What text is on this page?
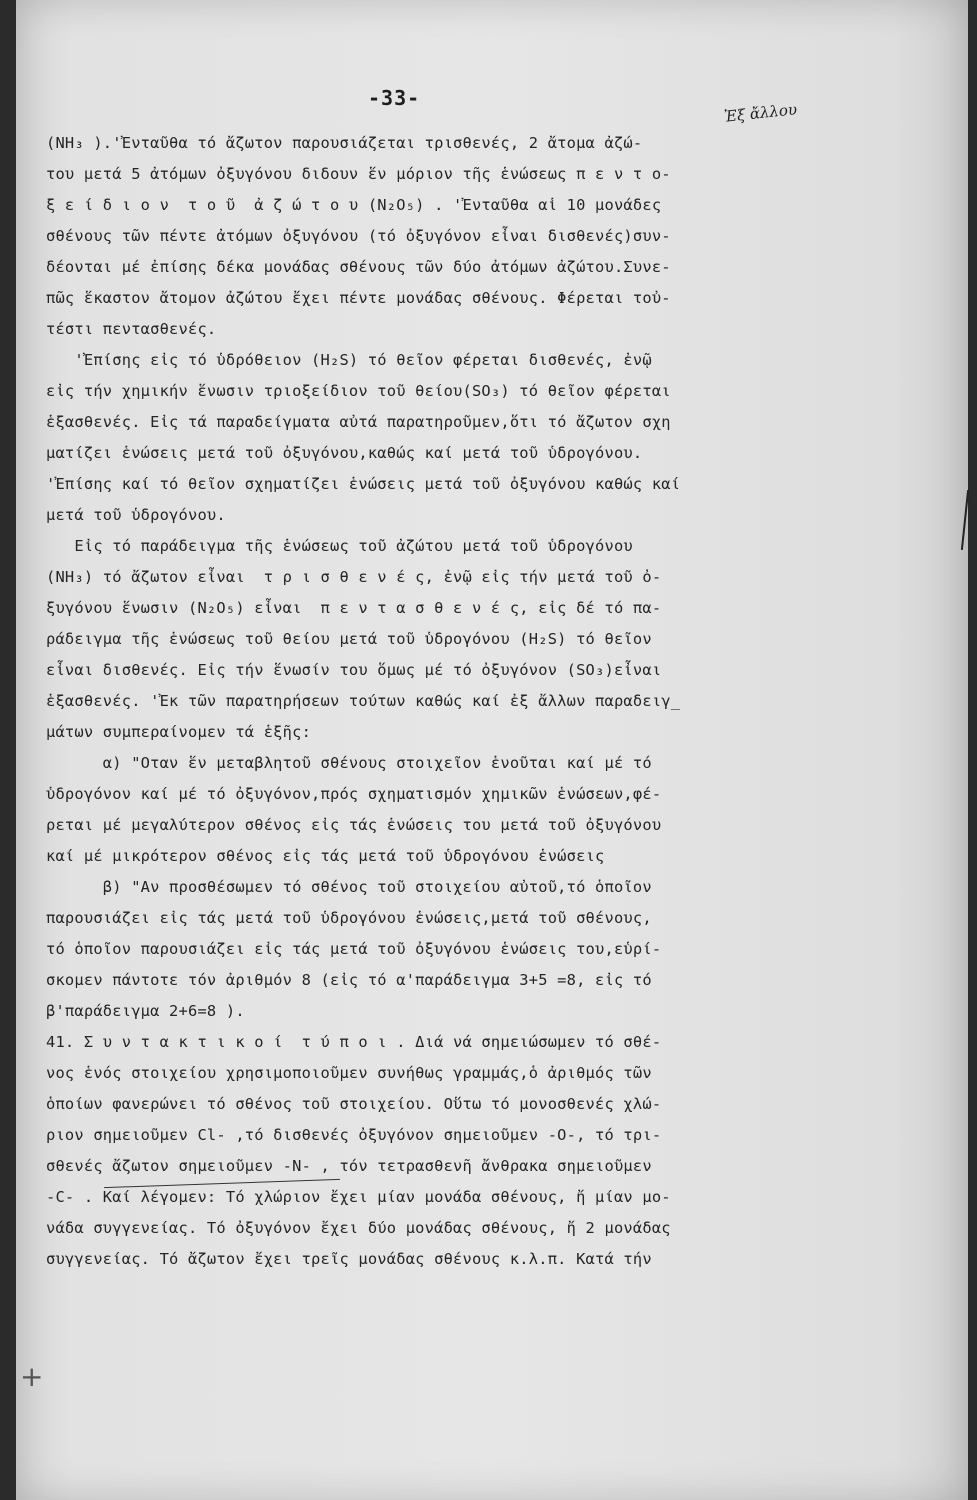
-33-
Ἐξ ἄλλου
(NH₃ ).'Ἐνταῦθα τό ἄζωτον παρουσιάζεται τρισθενές, 2 ἄτομα ἀζώ-
του μετά 5 ἀτόμων ὀξυγόνου διδουν ἕν μόριον τῆς ἑνώσεως π ε ν τ ο-
ξ ε ί δ ι ο ν  τ ο ῦ  ἀ ζ ώ τ ο υ (N₂O₅) . 'Ἐνταῦθα αἱ 10 μονάδες
σθένους τῶν πέντε ἀτόμων ὀξυγόνου (τό ὀξυγόνον εἶναι δισθενές)συν-
δέονται μέ ἐπίσης δέκα μονάδας σθένους τῶν δύο ἀτόμων ἀζώτου.Συνε-
πῶς ἕκαστον ἄτομον ἀζώτου ἔχει πέντε μονάδας σθένους. Φέρεται τοὐ-
τέστι πεντασθενές.
'Ἐπίσης εἰς τό ὑδρόθειον (H₂S) τό θεῖον φέρεται δισθενές, ἐνῷ
εἰς τήν χημικήν ἕνωσιν τριοξείδιον τοῦ θείου(SO₃) τό θεῖον φέρεται
ἑξασθενές. Εἰς τά παραδείγματα αὐτά παρατηροῦμεν,ὅτι τό ἄζωτον σχη
ματίζει ἑνώσεις μετά τοῦ ὀξυγόνου,καθώς καί μετά τοῦ ὑδρογόνου.
'Ἐπίσης καί τό θεῖον σχηματίζει ἑνώσεις μετά τοῦ ὀξυγόνου καθώς καί
μετά τοῦ ὑδρογόνου.
Εἰς τό παράδειγμα τῆς ἑνώσεως τοῦ ἀζώτου μετά τοῦ ὑδρογόνου
(NH₃) τό ἄζωτον εἶναι  τ ρ ι σ θ ε ν έ ς, ἐνῷ εἰς τήν μετά τοῦ ὀ-
ξυγόνου ἕνωσιν (N₂O₅) εἶναι  π ε ν τ α σ θ ε ν έ ς, εἰς δέ τό πα-
ράδειγμα τῆς ἑνώσεως τοῦ θείου μετά τοῦ ὑδρογόνου (H₂S) τό θεῖον
εἶναι δισθενές. Εἰς τήν ἕνωσίν του ὅμως μέ τό ὀξυγόνον (SO₃)εἶναι
ἑξασθενές. 'Ἐκ τῶν παρατηρήσεων τούτων καθώς καί ἐξ ἄλλων παραδειγ_
μάτων συμπεραίνομεν τά ἑξῆς:
α) "Οταν ἕν μεταβλητοῦ σθένους στοιχεῖον ἑνοῦται καί μέ τό
ὑδρογόνον καί μέ τό ὀξυγόνον,πρός σχηματισμόν χημικῶν ἑνώσεων,φέ-
ρεται μέ μεγαλύτερον σθένος εἰς τάς ἑνώσεις του μετά τοῦ ὀξυγόνου
καί μέ μικρότερον σθένος εἰς τάς μετά τοῦ ὑδρογόνου ἑνώσεις
β) "Αν προσθέσωμεν τό σθένος τοῦ στοιχείου αὐτοῦ,τό ὁποῖον
παρουσιάζει εἰς τάς μετά τοῦ ὑδρογόνου ἑνώσεις,μετά τοῦ σθένους,
τό ὁποῖον παρουσιάζει εἰς τάς μετά τοῦ ὀξυγόνου ἑνώσεις του,εὑρί-
σκομεν πάντοτε τόν ἀριθμόν 8 (εἰς τό α'παράδειγμα 3+5 =8, εἰς τό
β'παράδειγμα 2+6=8 ).
41. Σ υ ν τ α κ τ ι κ ο ί  τ ύ π ο ι . Διά νά σημειώσωμεν τό σθέ-
νος ἑνός στοιχείου χρησιμοποιοῦμεν συνήθως γραμμάς,ὁ ἀριθμός τῶν
ὁποίων φανερώνει τό σθένος τοῦ στοιχείου. Οὕτω τό μονοσθενές χλώ-
ριον σημειοῦμεν Cl- ,τό δισθενές ὀξυγόνον σημειοῦμεν -O-, τό τρι-
σθενές ἄζωτον σημειοῦμεν -N- , τόν τετρασθενῆ ἄνθρακα σημειοῦμεν
-C- . Καί λέγομεν: Τό χλώριον ἔχει μίαν μονάδα σθένους, ἤ μίαν μο-
νάδα συγγενείας. Τό ὀξυγόνον ἔχει δύο μονάδας σθένους, ἤ 2 μονάδας
συγγενείας. Τό ἄζωτον ἔχει τρεῖς μονάδας σθένους κ.λ.π. Κατά τήν
+
